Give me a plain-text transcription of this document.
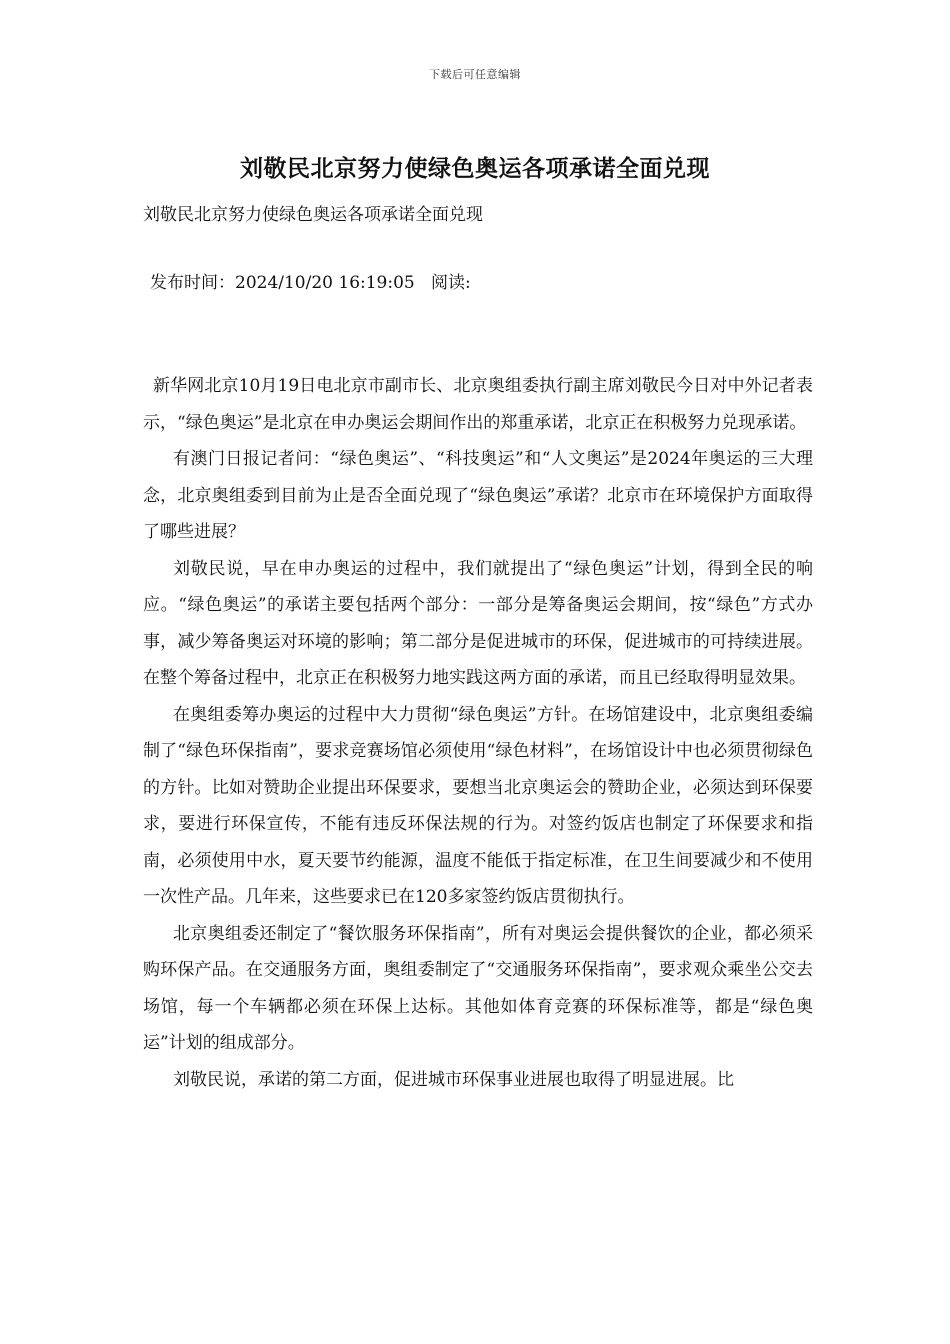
下载后可任意编辑
刘敬民北京努力使绿色奥运各项承诺全面兑现
刘敬民北京努力使绿色奥运各项承诺全面兑现
发布时间：2024/10/20 16:19:05   阅读:

新华网北京10月19日电北京市副市长、北京奥组委执行副主席刘敬民今日对中外记者表示，“绿色奥运”是北京在申办奥运会期间作出的郑重承诺，北京正在积极努力兑现承诺。

有澳门日报记者问：“绿色奥运”、“科技奥运”和“人文奥运”是2024年奥运的三大理念，北京奥组委到目前为止是否全面兑现了“绿色奥运”承诺？北京市在环境保护方面取得了哪些进展？

刘敬民说，早在申办奥运的过程中，我们就提出了“绿色奥运”计划，得到全民的响应。“绿色奥运”的承诺主要包括两个部分：一部分是筹备奥运会期间，按“绿色”方式办事，减少筹备奥运对环境的影响；第二部分是促进城市的环保，促进城市的可持续进展。在整个筹备过程中，北京正在积极努力地实践这两方面的承诺，而且已经取得明显效果。

在奥组委筹办奥运的过程中大力贯彻“绿色奥运”方针。在场馆建设中，北京奥组委编制了“绿色环保指南”，要求竞赛场馆必须使用“绿色材料”，在场馆设计中也必须贯彻绿色的方针。比如对赞助企业提出环保要求，要想当北京奥运会的赞助企业，必须达到环保要求，要进行环保宣传，不能有违反环保法规的行为。对签约饭店也制定了环保要求和指南，必须使用中水，夏天要节约能源，温度不能低于指定标准，在卫生间要减少和不使用一次性产品。几年来，这些要求已在120多家签约饭店贯彻执行。

北京奥组委还制定了“餐饮服务环保指南”，所有对奥运会提供餐饮的企业，都必须采购环保产品。在交通服务方面，奥组委制定了“交通服务环保指南”，要求观众乘坐公交去场馆，每一个车辆都必须在环保上达标。其他如体育竞赛的环保标准等，都是“绿色奥运”计划的组成部分。

刘敬民说，承诺的第二方面，促进城市环保事业进展也取得了明显进展。比
